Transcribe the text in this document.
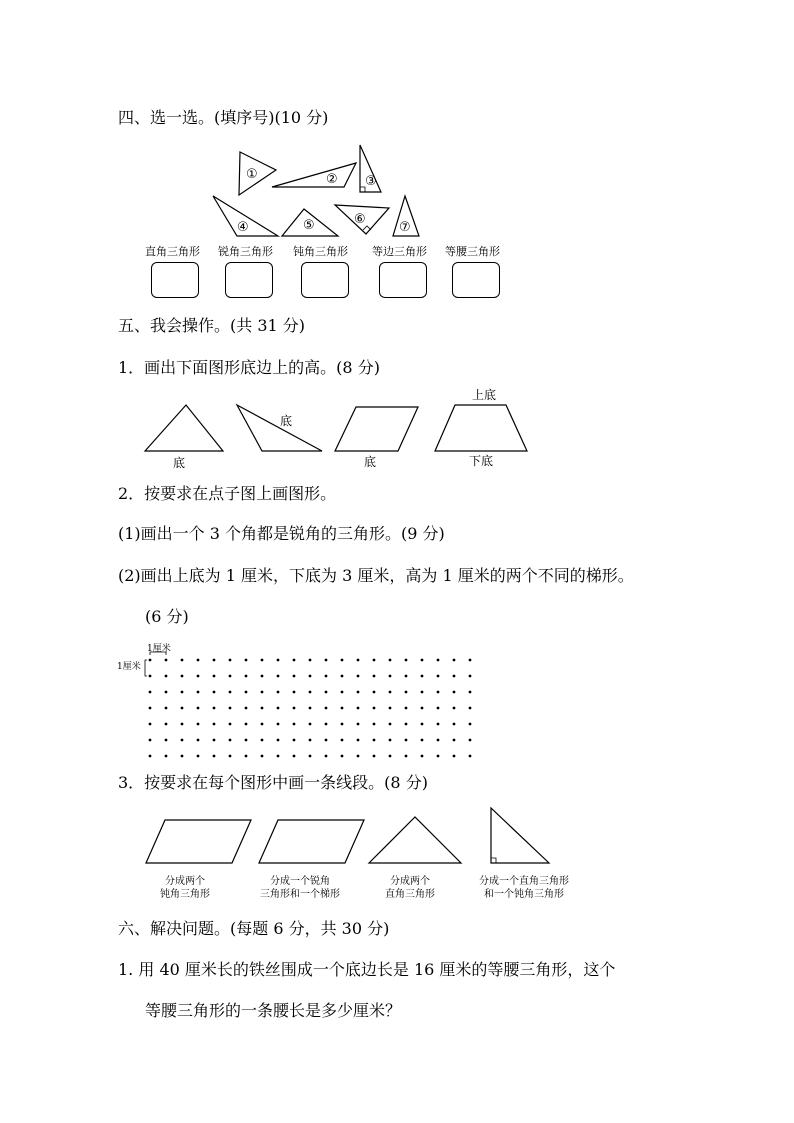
四、选一选。(填序号)(10 分)
①	② ③
④	⑤	⑥
⑦
直角三角形 锐角三角形 钝角三角形 等边三角形 等腰三角形
五、我会操作。(共 31 分)
1．画出下面图形底边上的高。(8 分)
底
底
底
上底
下底
2．按要求在点子图上画图形。
(1)画出一个 3 个角都是锐角的三角形。(9 分)
(2)画出上底为 1 厘米，下底为 3 厘米，高为 1 厘米的两个不同的梯形。
(6 分)
1厘米
1厘米
3．按要求在每个图形中画一条线段。(8 分)
分成两个
钝角三角形
分成一个锐角
三角形和一个梯形
分成两个
直角三角形
分成一个直角三角形
和一个钝角三角形
六、解决问题。(每题 6 分，共 30 分)
1. 用 40 厘米长的铁丝围成一个底边长是 16 厘米的等腰三角形，这个
等腰三角形的一条腰长是多少厘米？
